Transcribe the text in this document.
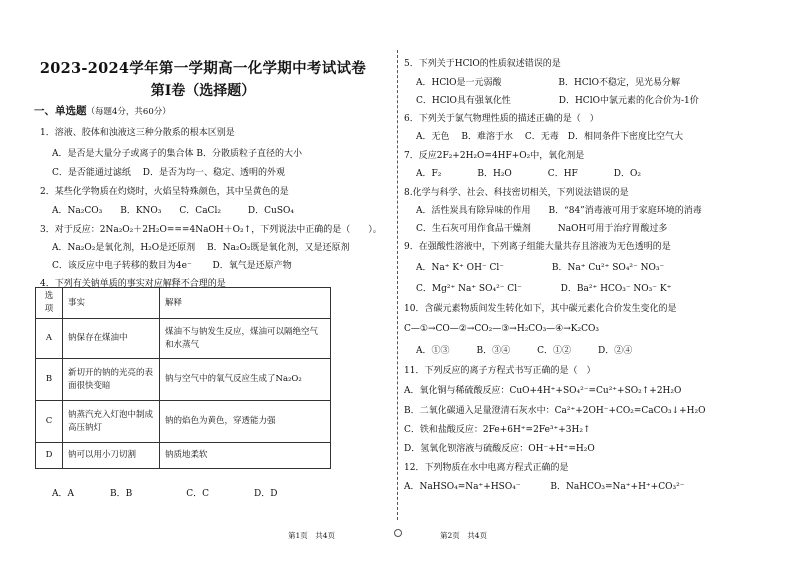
2023-2024学年第一学期高一化学期中考试试卷
第Ⅰ卷（选择题）
一、单选题（每题4分，共60分）
1．溶液、胶体和浊液这三种分散系的根本区别是
A．是否是大量分子或离子的集合体 B．分散质粒子直径的大小
C．是否能通过滤纸　 D．是否为均一、稳定、透明的外观
2．某些化学物质在灼烧时，火焰呈特殊颜色，其中呈黄色的是
A．Na₂CO₃　　B．KNO₃　　C．CaCl₂　　　D．CuSO₄
3．对于反应：2Na₂O₂＋2H₂O===4NaOH＋O₂↑，下列说法中正确的是（　　）。
A．Na₂O₂是氧化剂，H₂O是还原剂　 B．Na₂O₂既是氧化剂，又是还原剂
C．该反应中电子转移的数目为4e⁻　　 D．氧气是还原产物
4．下列有关钠单质的事实对应解释不合理的是
选项	事实	解释
A	钠保存在煤油中	煤油不与钠发生反应，煤油可以隔绝空气和水蒸气
B	新切开的钠的光亮的表面很快变暗	钠与空气中的氧气反应生成了Na₂O₂
C	钠蒸汽充入灯泡中制成高压钠灯	钠的焰色为黄色，穿透能力强
D	钠可以用小刀切割	钠质地柔软
A．A　　　　B．B　　　　　　C．C　　　　　D．D
5．下列关于HClO的性质叙述错误的是
A．HClO是一元弱酸　　　　　　 B．HClO不稳定，见光易分解
C．HClO具有强氧化性　　　　　 D．HClO中氯元素的化合价为-1价
6．下列关于氯气物理性质的描述正确的是（　）
A．无色　 B．难溶于水　 C．无毒　D．相同条件下密度比空气大
7．反应2F₂+2H₂O=4HF+O₂中，氧化剂是
A．F₂　　　　B．H₂O　　　　C．HF　　　　D．O₂
8.化学与科学、社会、科技密切相关，下列说法错误的是
A．活性炭具有除异味的作用　　B．“84”消毒液可用于家庭环境的消毒
C．生石灰可用作食品干燥剂　　　NaOH可用于治疗胃酸过多
9．在强酸性溶液中，下列离子组能大量共存且溶液为无色透明的是
A．Na⁺ K⁺ OH⁻ Cl⁻　　　　　 B．Na⁺ Cu²⁺ SO₄²⁻ NO₃⁻
C．Mg²⁺ Na⁺ SO₄²⁻ Cl⁻　　　　 D．Ba²⁺ HCO₃⁻ NO₃⁻ K⁺
10．含碳元素物质间发生转化如下，其中碳元素化合价发生变化的是
C—①→CO—②→CO₂—③→H₂CO₃—④→K₂CO₃
A．①③　　　B．③④　　　C．①②　　　D．②④
11．下列反应的离子方程式书写正确的是（　）
A．氧化铜与稀硫酸反应：CuO+4H⁺+SO₄²⁻=Cu²⁺+SO₂↑+2H₂O
B．二氧化碳通入足量澄清石灰水中：Ca²⁺+2OH⁻+CO₂=CaCO₃↓+H₂O
C．铁和盐酸反应：2Fe+6H⁺=2Fe³⁺+3H₂↑
D．氢氧化钡溶液与硫酸反应：OH⁻+H⁺=H₂O
12．下列物质在水中电离方程式正确的是
A．NaHSO₄=Na⁺+HSO₄⁻　　　 B．NaHCO₃=Na⁺+H⁺+CO₃²⁻
第1页　共4页	第2页　共4页
